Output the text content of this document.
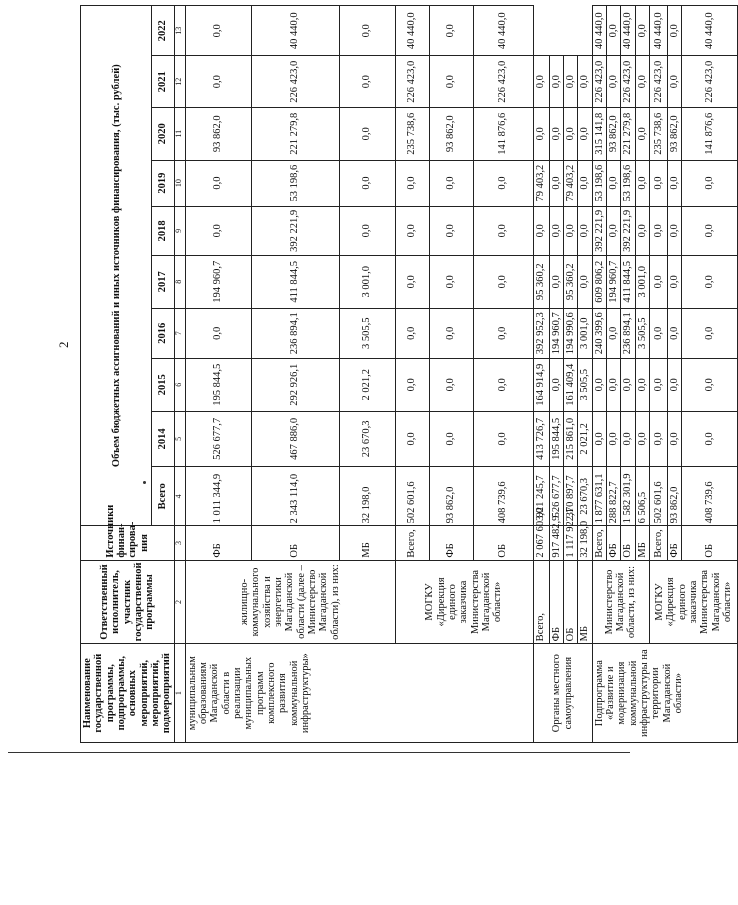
2
Наименование государственной программы, подпрограммы, основных мероприятий, мероприятий, подмероприятий	Ответственный исполнитель, участник государственной программы	Источники финан-сирова-ния	Объем бюджетных ассигнований и иных источников финансирования, (тыс. рублей)									
			Всего	2014	2015	2016	2017	2018	2019	2020	2021	2022
1	2	3	4	5	6	7	8	9	10	11	12	13
муниципальным образованиям Магаданской области в реализации муниципальных программ комплексного развития коммунальной инфраструктуры»	жилищно-коммунального хозяйства и энергетики Магаданской области (далее – Министерство Магаданской области), из них:	ФБ	1 011 344,9	526 677,7	195 844,5	0,0	194 960,7	0,0	0,0	93 862,0	0,0	0,0
		ОБ	2 343 114,0	467 886,0	292 926,1	236 894,1	411 844,5	392 221,9	53 198,6	221 279,8	226 423,0	40 440,0
		МБ	32 198,0	23 670,3	2 021,2	3 505,5	3 001,0	0,0	0,0	0,0	0,0	0,0
	МОГКУ «Дирекция единого заказчика Министерства Магаданской области»	Всего,	502 601,6	0,0	0,0	0,0	0,0	0,0	0,0	235 738,6	226 423,0	40 440,0
		ФБ	93 862,0	0,0	0,0	0,0	0,0	0,0	0,0	93 862,0	0,0	0,0
		ОБ	408 739,6	0,0	0,0	0,0	0,0	0,0	0,0	141 876,6	226 423,0	40 440,0
Органы местного самоуправления	Всего,	2 067 603,0	921 245,7	413 726,7	164 914,9	392 952,3	95 360,2	0,0	79 403,2	0,0	0,0	
	ФБ	917 482,9	526 677,7	195 844,5	0,0	194 960,7	0,0	0,0	0,0	0,0	0,0	
	ОБ	1 117 922,1	370 897,7	215 861,0	161 409,4	194 990,6	95 360,2	0,0	79 403,2	0,0	0,0	
	МБ	32 198,0	23 670,3	2 021,2	3 505,5	3 001,0	0,0	0,0	0,0	0,0	0,0	
Подпрограмма «Развитие и модернизация коммунальной инфраструктуры на территории Магаданской области»	Министерство Магаданской области, из них:	Всего,	1 877 631,1	0,0	0,0	240 399,6	609 806,2	392 221,9	53 198,6	315 141,8	226 423,0	40 440,0
		ФБ	288 822,7	0,0	0,0	0,0	194 960,7	0,0	0,0	93 862,0	0,0	0,0
		ОБ	1 582 301,9	0,0	0,0	236 894,1	411 844,5	392 221,9	53 198,6	221 279,8	226 423,0	40 440,0
		МБ	6 506,5	0,0	0,0	3 505,5	3 001,0	0,0	0,0	0,0	0,0	0,0
	МОГКУ «Дирекция единого заказчика Министерства Магаданской области»	Всего,	502 601,6	0,0	0,0	0,0	0,0	0,0	0,0	235 738,6	226 423,0	40 440,0
		ФБ	93 862,0	0,0	0,0	0,0	0,0	0,0	0,0	93 862,0	0,0	0,0
		ОБ	408 739,6	0,0	0,0	0,0	0,0	0,0	0,0	141 876,6	226 423,0	40 440,0
